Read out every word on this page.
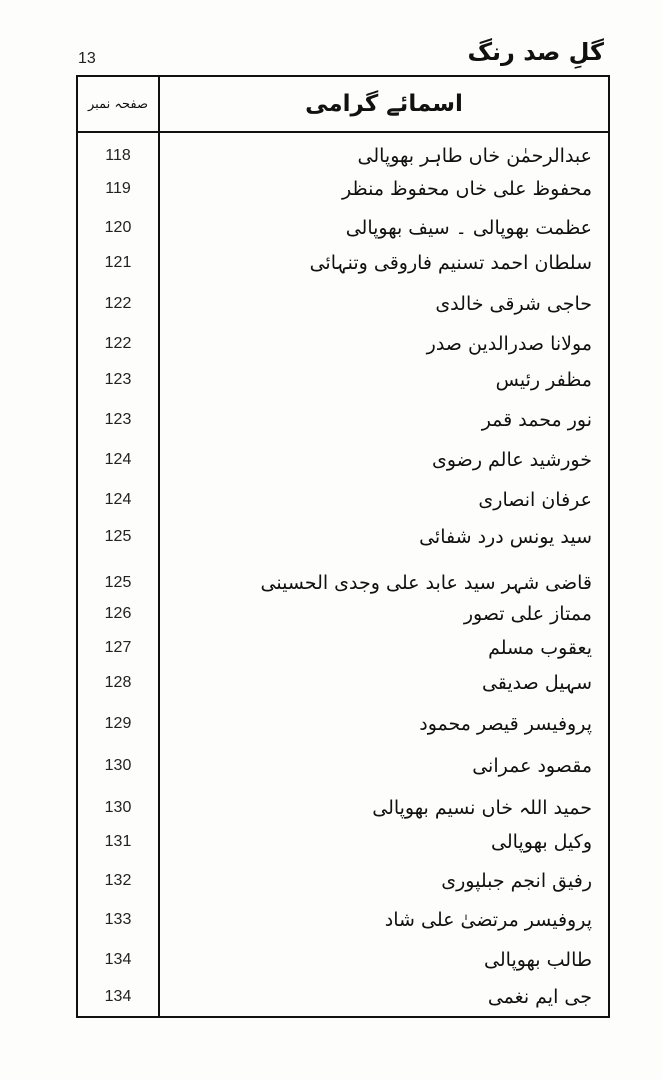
13	گلِ صد رنگ
صفحہ نمبر	اسمائے گرامی
118	عبدالرحمٰن خاں طاہر بھوپالی
119	محفوظ علی خاں محفوظ منظر
120	عظمت بھوپالی ۔ سیف بھوپالی
121	سلطان احمد تسنیم فاروقی وتنہائی
122	حاجی شرقی خالدی
122	مولانا صدرالدین صدر
123	مظفر رئیس
123	نور محمد قمر
124	خورشید عالم رضوی
124	عرفان انصاری
125	سید یونس درد شفائی
125	قاضی شہر سید عابد علی وجدی الحسینی
126	ممتاز علی تصور
127	یعقوب مسلم
128	سہیل صدیقی
129	پروفیسر قیصر محمود
130	مقصود عمرانی
130	حمید اللہ خاں نسیم بھوپالی
131	وکیل بھوپالی
132	رفیق انجم جبلپوری
133	پروفیسر مرتضیٰ علی شاد
134	طالب بھوپالی
134	جی ایم نغمی
